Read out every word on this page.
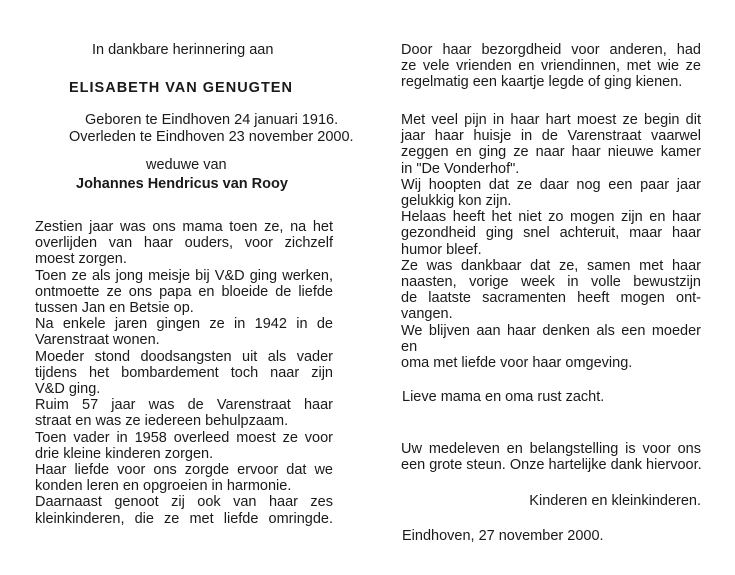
In dankbare herinnering aan
ELISABETH VAN GENUGTEN
Geboren te Eindhoven 24 januari 1916.
Overleden te Eindhoven 23 november 2000.
weduwe van
Johannes Hendricus van Rooy
Zestien jaar was ons mama toen ze, na het
overlijden van haar ouders, voor zichzelf
moest zorgen.
Toen ze als jong meisje bij V&D ging werken,
ontmoette ze ons papa en bloeide de liefde
tussen Jan en Betsie op.
Na enkele jaren gingen ze in 1942 in de
Varenstraat wonen.
Moeder stond doodsangsten uit als vader
tijdens het bombardement toch naar zijn
V&D ging.
Ruim 57 jaar was de Varenstraat haar
straat en was ze iedereen behulpzaam.
Toen vader in 1958 overleed moest ze voor
drie kleine kinderen zorgen.
Haar liefde voor ons zorgde ervoor dat we
konden leren en opgroeien in harmonie.
Daarnaast genoot zij ook van haar zes
kleinkinderen, die ze met liefde omringde.
Door haar bezorgdheid voor anderen, had
ze vele vrienden en vriendinnen, met wie ze
regelmatig een kaartje legde of ging kienen.
Met veel pijn in haar hart moest ze begin dit
jaar haar huisje in de Varenstraat vaarwel
zeggen en ging ze naar haar nieuwe kamer
in "De Vonderhof".
Wij hoopten dat ze daar nog een paar jaar
gelukkig kon zijn.
Helaas heeft het niet zo mogen zijn en haar
gezondheid ging snel achteruit, maar haar
humor bleef.
Ze was dankbaar dat ze, samen met haar
naasten, vorige week in volle bewustzijn
de laatste sacramenten heeft mogen ont-
vangen.
We blijven aan haar denken als een moeder en
oma met liefde voor haar omgeving.
Lieve mama en oma rust zacht.
Uw medeleven en belangstelling is voor ons
een grote steun. Onze hartelijke dank hiervoor.
Kinderen en kleinkinderen.
Eindhoven, 27 november 2000.
